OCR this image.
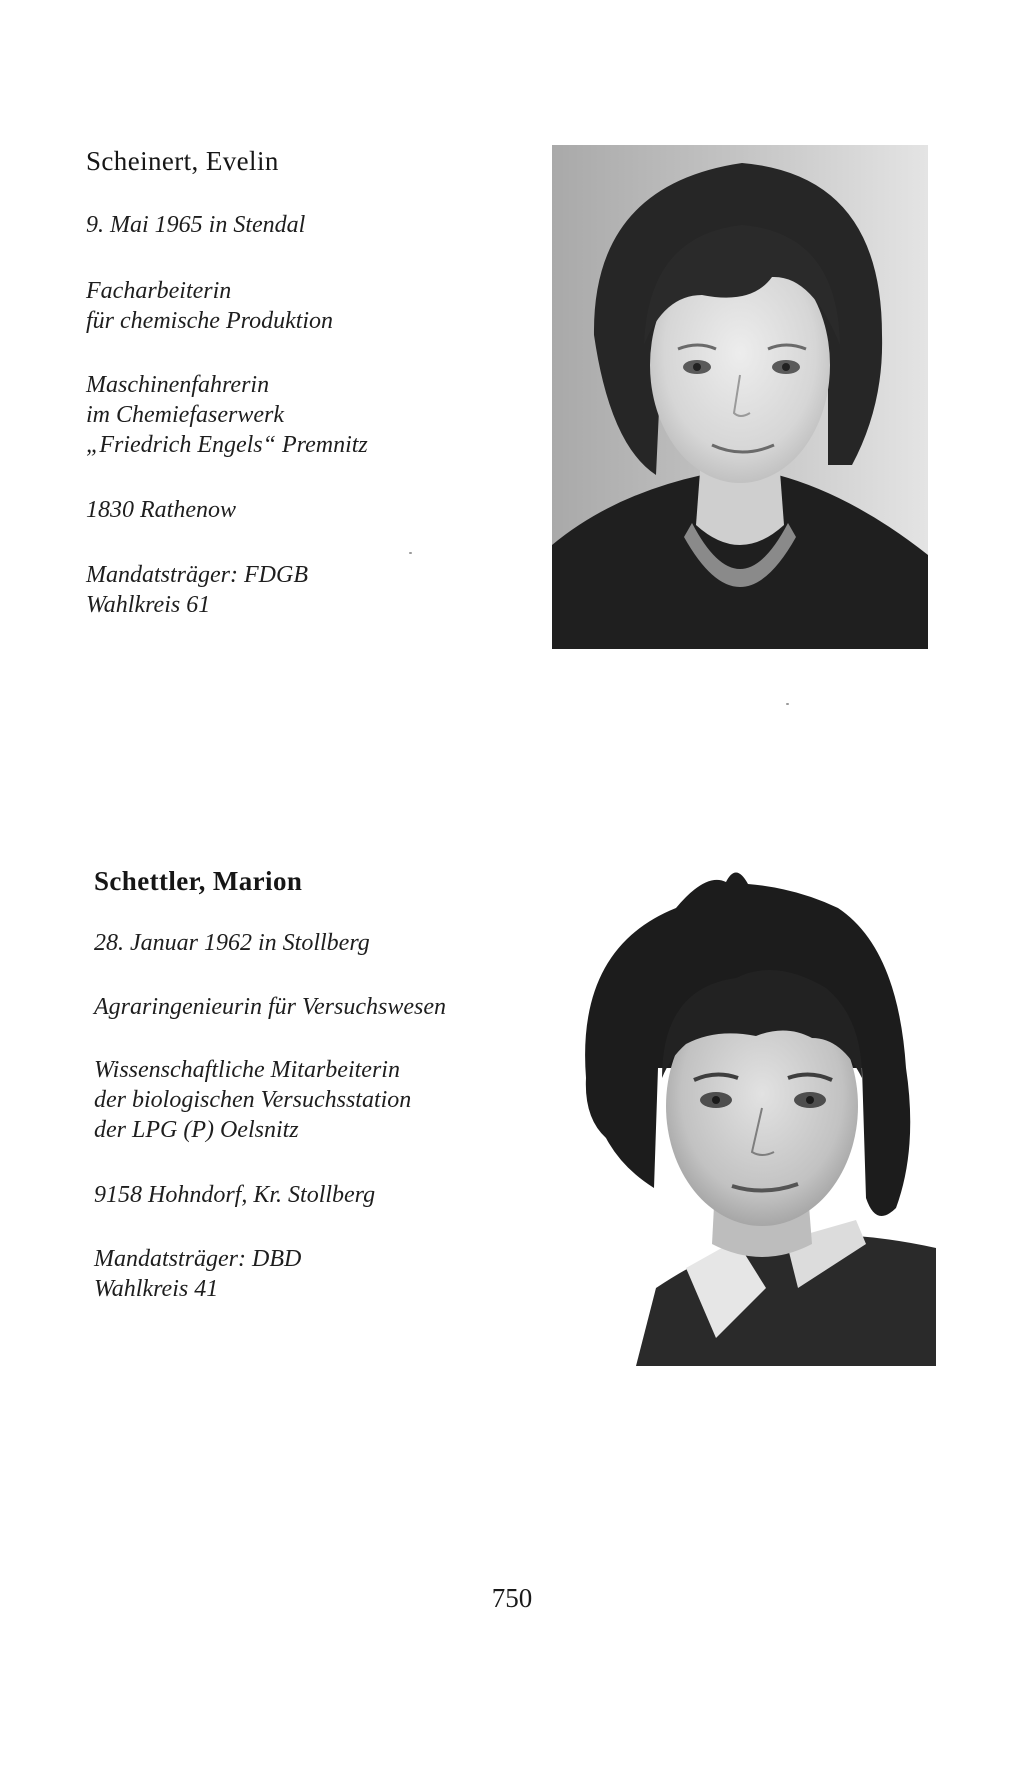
Scheinert, Evelin
9. Mai 1965 in Stendal
Facharbeiterin
für chemische Produktion
Maschinenfahrerin
im Chemiefaserwerk
„Friedrich Engels“ Premnitz
1830 Rathenow
Mandatsträger: FDGB
Wahlkreis 61
Schettler, Marion
28. Januar 1962 in Stollberg
Agraringenieurin für Versuchswesen
Wissenschaftliche Mitarbeiterin
der biologischen Versuchsstation
der LPG (P) Oelsnitz
9158 Hohndorf, Kr. Stollberg
Mandatsträger: DBD
Wahlkreis 41
750
